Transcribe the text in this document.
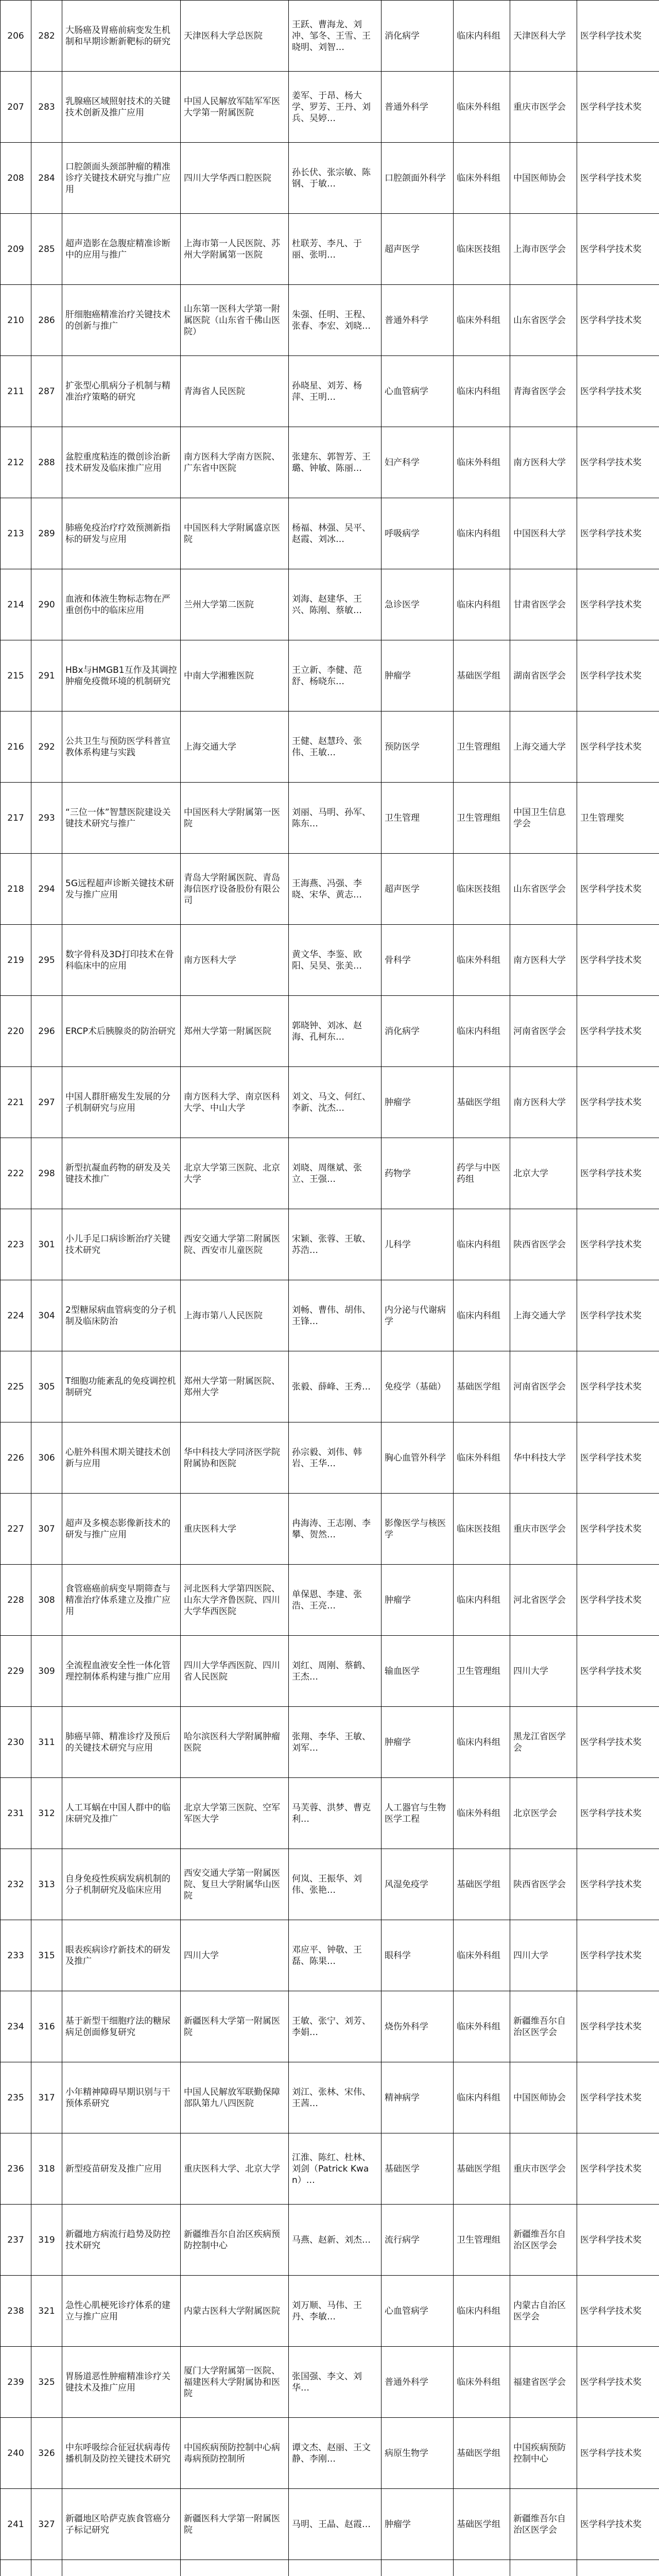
206	282	大肠癌及胃癌前病变发生机制和早期诊断新靶标的研究	天津医科大学总医院	王跃、曹海龙、刘冲、邹冬、王雪、王晓明、刘智…	消化病学	临床内科组	天津医科大学	医学科学技术奖
207	283	乳腺癌区域照射技术的关键技术创新及推广应用	中国人民解放军陆军军医大学第一附属医院	姜军、于昂、杨大学、罗芳、王丹、刘兵、吴婷…	普通外科学	临床外科组	重庆市医学会	医学科学技术奖
208	284	口腔颌面头颈部肿瘤的精准诊疗关键技术研究与推广应用	四川大学华西口腔医院	孙长伏、张宗敏、陈钢、于敏…	口腔颌面外科学	临床外科组	中国医师协会	医学科学技术奖
209	285	超声造影在急腹症精准诊断中的应用与推广	上海市第一人民医院、苏州大学附属第一医院	杜联芳、李凡、于丽、张明…	超声医学	临床医技组	上海市医学会	医学科学技术奖
210	286	肝细胞癌精准治疗关键技术的创新与推广	山东第一医科大学第一附属医院（山东省千佛山医院）	朱强、任明、王程、张春、李宏、刘晓…	普通外科学	临床外科组	山东省医学会	医学科学技术奖
211	287	扩张型心肌病分子机制与精准治疗策略的研究	青海省人民医院	孙晓星、刘芳、杨萍、王明…	心血管病学	临床内科组	青海省医学会	医学科学技术奖
212	288	盆腔重度粘连的微创诊治新技术研发及临床推广应用	南方医科大学南方医院、广东省中医院	张建东、郭智芳、王璐、钟敏、陈丽…	妇产科学	临床外科组	南方医科大学	医学科学技术奖
213	289	肺癌免疫治疗疗效预测新指标的研发与应用	中国医科大学附属盛京医院	杨福、林强、吴平、赵霞、刘冰…	呼吸病学	临床内科组	中国医科大学	医学科学技术奖
214	290	血液和体液生物标志物在严重创伤中的临床应用	兰州大学第二医院	刘海、赵建华、王兴、陈刚、蔡敏…	急诊医学	临床内科组	甘肃省医学会	医学科学技术奖
215	291	HBx与HMGB1互作及其调控肿瘤免疫微环境的机制研究	中南大学湘雅医院	王立新、李健、范舒、杨晓东…	肿瘤学	基础医学组	湖南省医学会	医学科学技术奖
216	292	公共卫生与预防医学科普宣教体系构建与实践	上海交通大学	王健、赵慧玲、张伟、王敏…	预防医学	卫生管理组	上海交通大学	医学科学技术奖
217	293	“三位一体”智慧医院建设关键技术研究与推广	中国医科大学附属第一医院	刘丽、马明、孙军、陈东…	卫生管理	卫生管理组	中国卫生信息学会	卫生管理奖
218	294	5G远程超声诊断关键技术研发与推广应用	青岛大学附属医院、青岛海信医疗设备股份有限公司	王海燕、冯强、李晓、宋华、黄志…	超声医学	临床医技组	山东省医学会	医学科学技术奖
219	295	数字骨科及3D打印技术在骨科临床中的应用	南方医科大学	黄文华、李鉴、欧阳、吴昊、张美…	骨科学	临床外科组	南方医科大学	医学科学技术奖
220	296	ERCP术后胰腺炎的防治研究	郑州大学第一附属医院	郭晓钟、刘冰、赵海、孔柯东…	消化病学	临床内科组	河南省医学会	医学科学技术奖
221	297	中国人群肝癌发生发展的分子机制研究与应用	南方医科大学、南京医科大学、中山大学	刘文、马文、何红、李新、沈杰…	肿瘤学	基础医学组	南方医科大学	医学科学技术奖
222	298	新型抗凝血药物的研发及关键技术推广	北京大学第三医院、北京大学	刘晓、周继斌、张立、王强…	药物学	药学与中医药组	北京大学	医学科学技术奖
223	301	小儿手足口病诊断治疗关键技术研究	西安交通大学第二附属医院、西安市儿童医院	宋颖、张蓉、王敏、苏浩…	儿科学	临床内科组	陕西省医学会	医学科学技术奖
224	304	2型糖尿病血管病变的分子机制及临床防治	上海市第八人民医院	刘畅、曹伟、胡伟、王锋…	内分泌与代谢病学	临床内科组	上海交通大学	医学科学技术奖
225	305	T细胞功能紊乱的免疫调控机制研究	郑州大学第一附属医院、郑州大学	张毅、薛峰、王秀…	免疫学（基础）	基础医学组	河南省医学会	医学科学技术奖
226	306	心脏外科围术期关键技术创新与应用	华中科技大学同济医学院附属协和医院	孙宗毅、刘伟、韩岩、王华…	胸心血管外科学	临床外科组	华中科技大学	医学科学技术奖
227	307	超声及多模态影像新技术的研发与推广应用	重庆医科大学	冉海涛、王志刚、李攀、贺然…	影像医学与核医学	临床医技组	重庆市医学会	医学科学技术奖
228	308	食管癌癌前病变早期筛查与精准治疗体系建立及推广应用	河北医科大学第四医院、山东大学齐鲁医院、四川大学华西医院	单保恩、李建、张浩、王亮…	肿瘤学	临床内科组	河北省医学会	医学科学技术奖
229	309	全流程血液安全性一体化管理控制体系构建与推广应用	四川大学华西医院、四川省人民医院	刘红、周刚、蔡鹤、王杰…	输血医学	卫生管理组	四川大学	医学科学技术奖
230	311	肺癌早筛、精准诊疗及预后的关键技术研究与应用	哈尔滨医科大学附属肿瘤医院	张翔、李华、王敏、刘军…	肿瘤学	临床内科组	黑龙江省医学会	医学科学技术奖
231	312	人工耳蜗在中国人群中的临床研究及推广	北京大学第三医院、空军军医大学	马芙蓉、洪梦、曹克利…	人工器官与生物医学工程	临床外科组	北京医学会	医学科学技术奖
232	313	自身免疫性疾病发病机制的分子机制研究及临床应用	西安交通大学第一附属医院、复旦大学附属华山医院	何岚、王振华、刘伟、张艳…	风湿免疫学	基础医学组	陕西省医学会	医学科学技术奖
233	315	眼表疾病诊疗新技术的研发及推广	四川大学	邓应平、钟敬、王磊、陈果…	眼科学	临床外科组	四川大学	医学科学技术奖
234	316	基于新型干细胞疗法的糖尿病足创面修复研究	新疆医科大学第一附属医院	王敏、张宁、刘芳、李娟…	烧伤外科学	临床外科组	新疆维吾尔自治区医学会	医学科学技术奖
235	317	小年精神障碍早期识别与干预体系研究	中国人民解放军联勤保障部队第九八四医院	刘江、张林、宋伟、王茜…	精神病学	临床内科组	中国医师协会	医学科学技术奖
236	318	新型疫苗研发及推广应用	重庆医科大学、北京大学	江淮、陈红、杜林、刘剑（Patrick Kwan）…	基础医学	基础医学组	重庆市医学会	医学科学技术奖
237	319	新疆地方病流行趋势及防控技术研究	新疆维吾尔自治区疾病预防控制中心	马燕、赵新、刘杰…	流行病学	卫生管理组	新疆维吾尔自治区医学会	医学科学技术奖
238	321	急性心肌梗死诊疗体系的建立与推广应用	内蒙古医科大学附属医院	刘万顺、马伟、王丹、李敏…	心血管病学	临床内科组	内蒙古自治区医学会	医学科学技术奖
239	325	胃肠道恶性肿瘤精准诊疗关键技术及推广应用	厦门大学附属第一医院、福建医科大学附属协和医院	张国强、李文、刘华…	普通外科学	临床外科组	福建省医学会	医学科学技术奖
240	326	中东呼吸综合征冠状病毒传播机制及防控关键技术研究	中国疾病预防控制中心病毒病预防控制所	谭文杰、赵丽、王文静、李刚…	病原生物学	基础医学组	中国疾病预防控制中心	医学科学技术奖
241	327	新疆地区哈萨克族食管癌分子标记研究	新疆医科大学第一附属医院	马明、王晶、赵霞…	肿瘤学	基础医学组	新疆维吾尔自治区医学会	医学科学技术奖
